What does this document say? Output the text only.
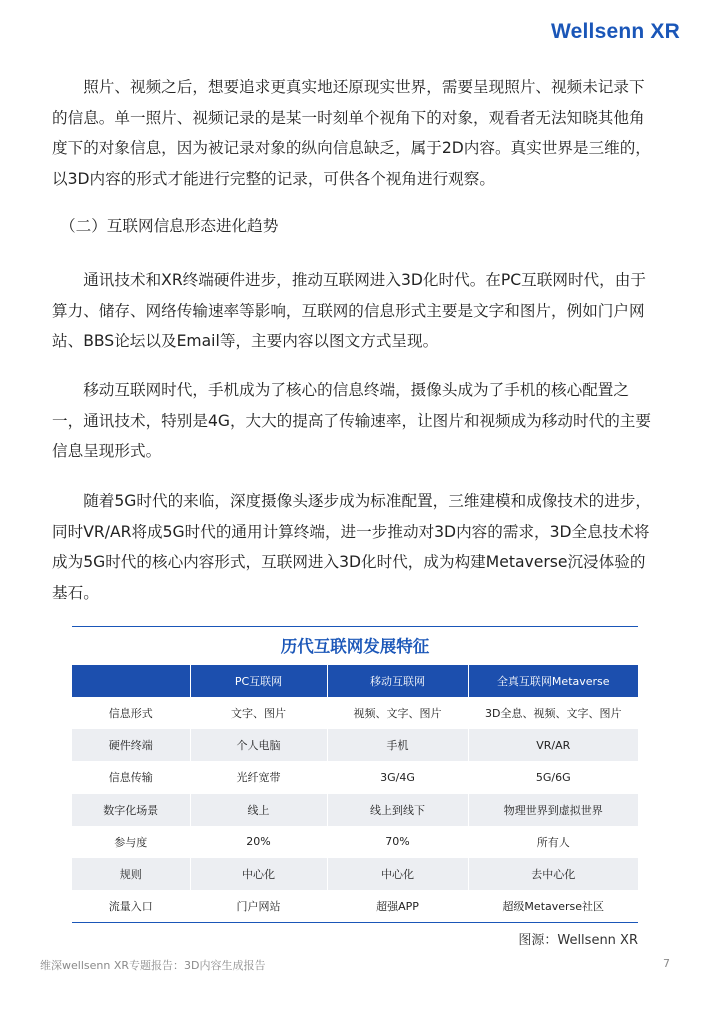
Wellsenn XR

照片、视频之后，想要追求更真实地还原现实世界，需要呈现照片、视频未记录下的信息。单一照片、视频记录的是某一时刻单个视角下的对象，观看者无法知晓其他角度下的对象信息，因为被记录对象的纵向信息缺乏，属于2D内容。真实世界是三维的，以3D内容的形式才能进行完整的记录，可供各个视角进行观察。

（二）互联网信息形态进化趋势

通讯技术和XR终端硬件进步，推动互联网进入3D化时代。在PC互联网时代，由于算力、储存、网络传输速率等影响，互联网的信息形式主要是文字和图片，例如门户网站、BBS论坛以及Email等，主要内容以图文方式呈现。

移动互联网时代，手机成为了核心的信息终端，摄像头成为了手机的核心配置之一，通讯技术，特别是4G，大大的提高了传输速率，让图片和视频成为移动时代的主要信息呈现形式。

随着5G时代的来临，深度摄像头逐步成为标准配置，三维建模和成像技术的进步，同时VR/AR将成5G时代的通用计算终端，进一步推动对3D内容的需求，3D全息技术将成为5G时代的核心内容形式，互联网进入3D化时代，成为构建Metaverse沉浸体验的基石。

历代互联网发展特征
	PC互联网	移动互联网	全真互联网Metaverse
信息形式	文字、图片	视频、文字、图片	3D全息、视频、文字、图片
硬件终端	个人电脑	手机	VR/AR
信息传输	光纤宽带	3G/4G	5G/6G
数字化场景	线上	线上到线下	物理世界到虚拟世界
参与度	20%	70%	所有人
规则	中心化	中心化	去中心化
流量入口	门户网站	超强APP	超级Metaverse社区
图源：Wellsenn XR
维深wellsenn XR专题报告：3D内容生成报告	7
